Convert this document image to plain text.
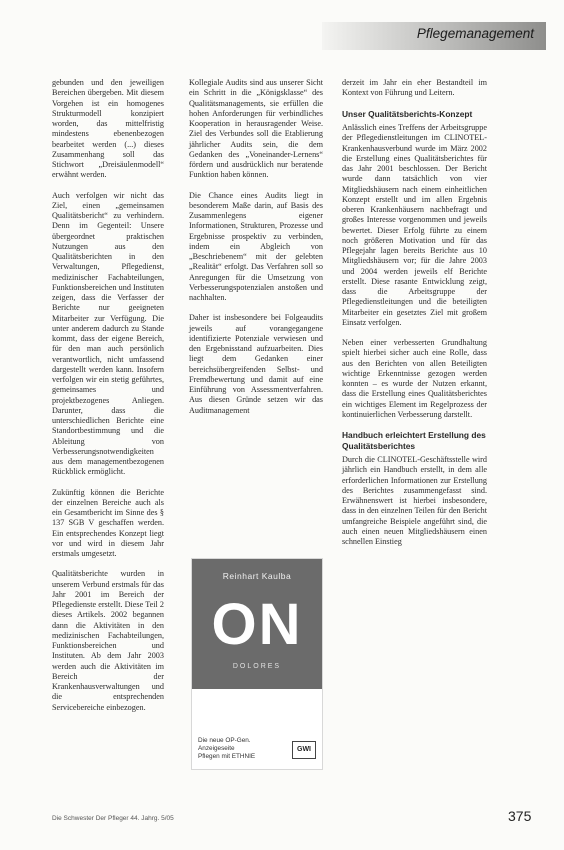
Pflegemanagement

gebunden und den jeweiligen Bereichen übergeben. Mit diesem Vorgehen ist ein homogenes Strukturmodell konzipiert worden, das mittelfristig mindestens ebenenbezogen bearbeitet werden (...) dieses Zusammenhang soll das Stichwort „Dreisäulenmodell“ erwähnt werden.

Auch verfolgen wir nicht das Ziel, einen „gemeinsamen Qualitätsbericht“ zu verhindern. Denn im Gegenteil: Unsere übergeordnet praktischen Nutzungen aus den Qualitätsberichten in den Verwaltungen, Pflegedienst, medizinischer Fachabteilungen, Funktionsbereichen und Instituten zeigen, dass die Verfasser der Berichte nur geeigneten Mitarbeiter zur Verfügung. Die unter anderem dadurch zu Stande kommt, dass der eigene Bereich, für den man auch persönlich verantwortlich, nicht umfassend dargestellt werden kann. Insofern verfolgen wir ein stetig geführtes, gemeinsames und projektbezogenes Anliegen. Darunter, dass die unterschiedlichen Berichte eine Standortbestimmung und die Ableitung von Verbesserungsnotwendigkeiten aus dem managementbezogenen Rückblick ermöglicht.

Zukünftig können die Berichte der einzelnen Bereiche auch als ein Gesamtbericht im Sinne des § 137 SGB V geschaffen werden. Ein entsprechendes Konzept liegt vor und wird in diesem Jahr erstmals umgesetzt.

Qualitätsberichte wurden in unserem Verbund erstmals für das Jahr 2001 im Bereich der Pflegedienste erstellt. Diese Teil 2 dieses Artikels. 2002 begannen dann die Aktivitäten in den medizinischen Fachabteilungen, Funktionsbereichen und Instituten. Ab dem Jahr 2003 werden auch die Aktivitäten im Bereich der Krankenhausverwaltungen und die entsprechenden Servicebereiche einbezogen.

Kollegiale Audits sind aus unserer Sicht ein Schritt in die „Königsklasse“ des Qualitätsmanagements, sie erfüllen die hohen Anforderungen für verbindliches Kooperation in herausragender Weise. Ziel des Verbundes soll die Etablierung jährlicher Audits sein, die dem Gedanken des „Voneinander-Lernens“ fördern und ausdrücklich nur beratende Funktion haben können.

Die Chance eines Audits liegt in besonderem Maße darin, auf Basis des Zusammenlegens eigener Informationen, Strukturen, Prozesse und Ergebnisse prospektiv zu verbinden, indem ein Abgleich von „Beschriebenem“ mit der gelebten „Realität“ erfolgt. Das Verfahren soll so Anregungen für die Umsetzung von Verbesserungspotenzialen anstoßen und nachhalten.

Daher ist insbesondere bei Folgeaudits jeweils auf vorangegangene identifizierte Potenziale verwiesen und den Ergebnisstand aufzuarbeiten. Dies liegt dem Gedanken einer bereichsübergreifenden Selbst- und Fremdbewertung und damit auf eine Einführung von Assessmentverfahren. Aus diesen Gründe setzen wir das Auditmanagement

Reinhart Kaulba
ON
DOLORES
Die neue OP-Gen.
Anzeigeseite
Pflegen mit ETHNIE
GWI

derzeit im Jahr ein eher Bestandteil im Kontext von Führung und Leitern.

Unser Qualitätsberichts-Konzept

Anlässlich eines Treffens der Arbeitsgruppe der Pflegedienstleitungen im CLINOTEL-Krankenhausverbund wurde im März 2002 die Erstellung eines Qualitätsberichtes für das Jahr 2001 beschlossen. Der Bericht wurde dann tatsächlich von vier Mitgliedshäusern nach einem einheitlichen Konzept erstellt und im allen Ergebnis oberen Krankenhäusern nachbefragt und großes Interesse vorgenommen und jeweils bewertet. Dieser Erfolg führte zu einem noch größeren Motivation und für das Pflegejahr lagen bereits Berichte aus 10 Mitgliedshäusern vor; für die Jahre 2003 und 2004 werden jeweils elf Berichte erstellt. Diese rasante Entwicklung zeigt, dass die Arbeitsgruppe der Pflegedienstleitungen und die beteiligten Mitarbeiter ein gesetztes Ziel mit großem Einsatz verfolgen.

Neben einer verbesserten Grundhaltung spielt hierbei sicher auch eine Rolle, dass aus den Berichten von allen Beteiligten wichtige Erkenntnisse gezogen werden konnten – es wurde der Nutzen erkannt, dass die Erstellung eines Qualitätsberichtes ein wichtiges Element im Regelprozess der kontinuierlichen Verbesserung darstellt.

Handbuch erleichtert Erstellung des Qualitätsberichtes

Durch die CLINOTEL-Geschäftsstelle wird jährlich ein Handbuch erstellt, in dem alle erforderlichen Informationen zur Erstellung des Berichtes zusammengefasst sind. Erwähnenswert ist hierbei insbesondere, dass in den einzelnen Teilen für den Bericht umfangreiche Beispiele angeführt sind, die auch einen neuen Mitgliedshäusern einen schnellen Einstieg

Die Schwester Der Pfleger 44. Jahrg. 5/05	375
